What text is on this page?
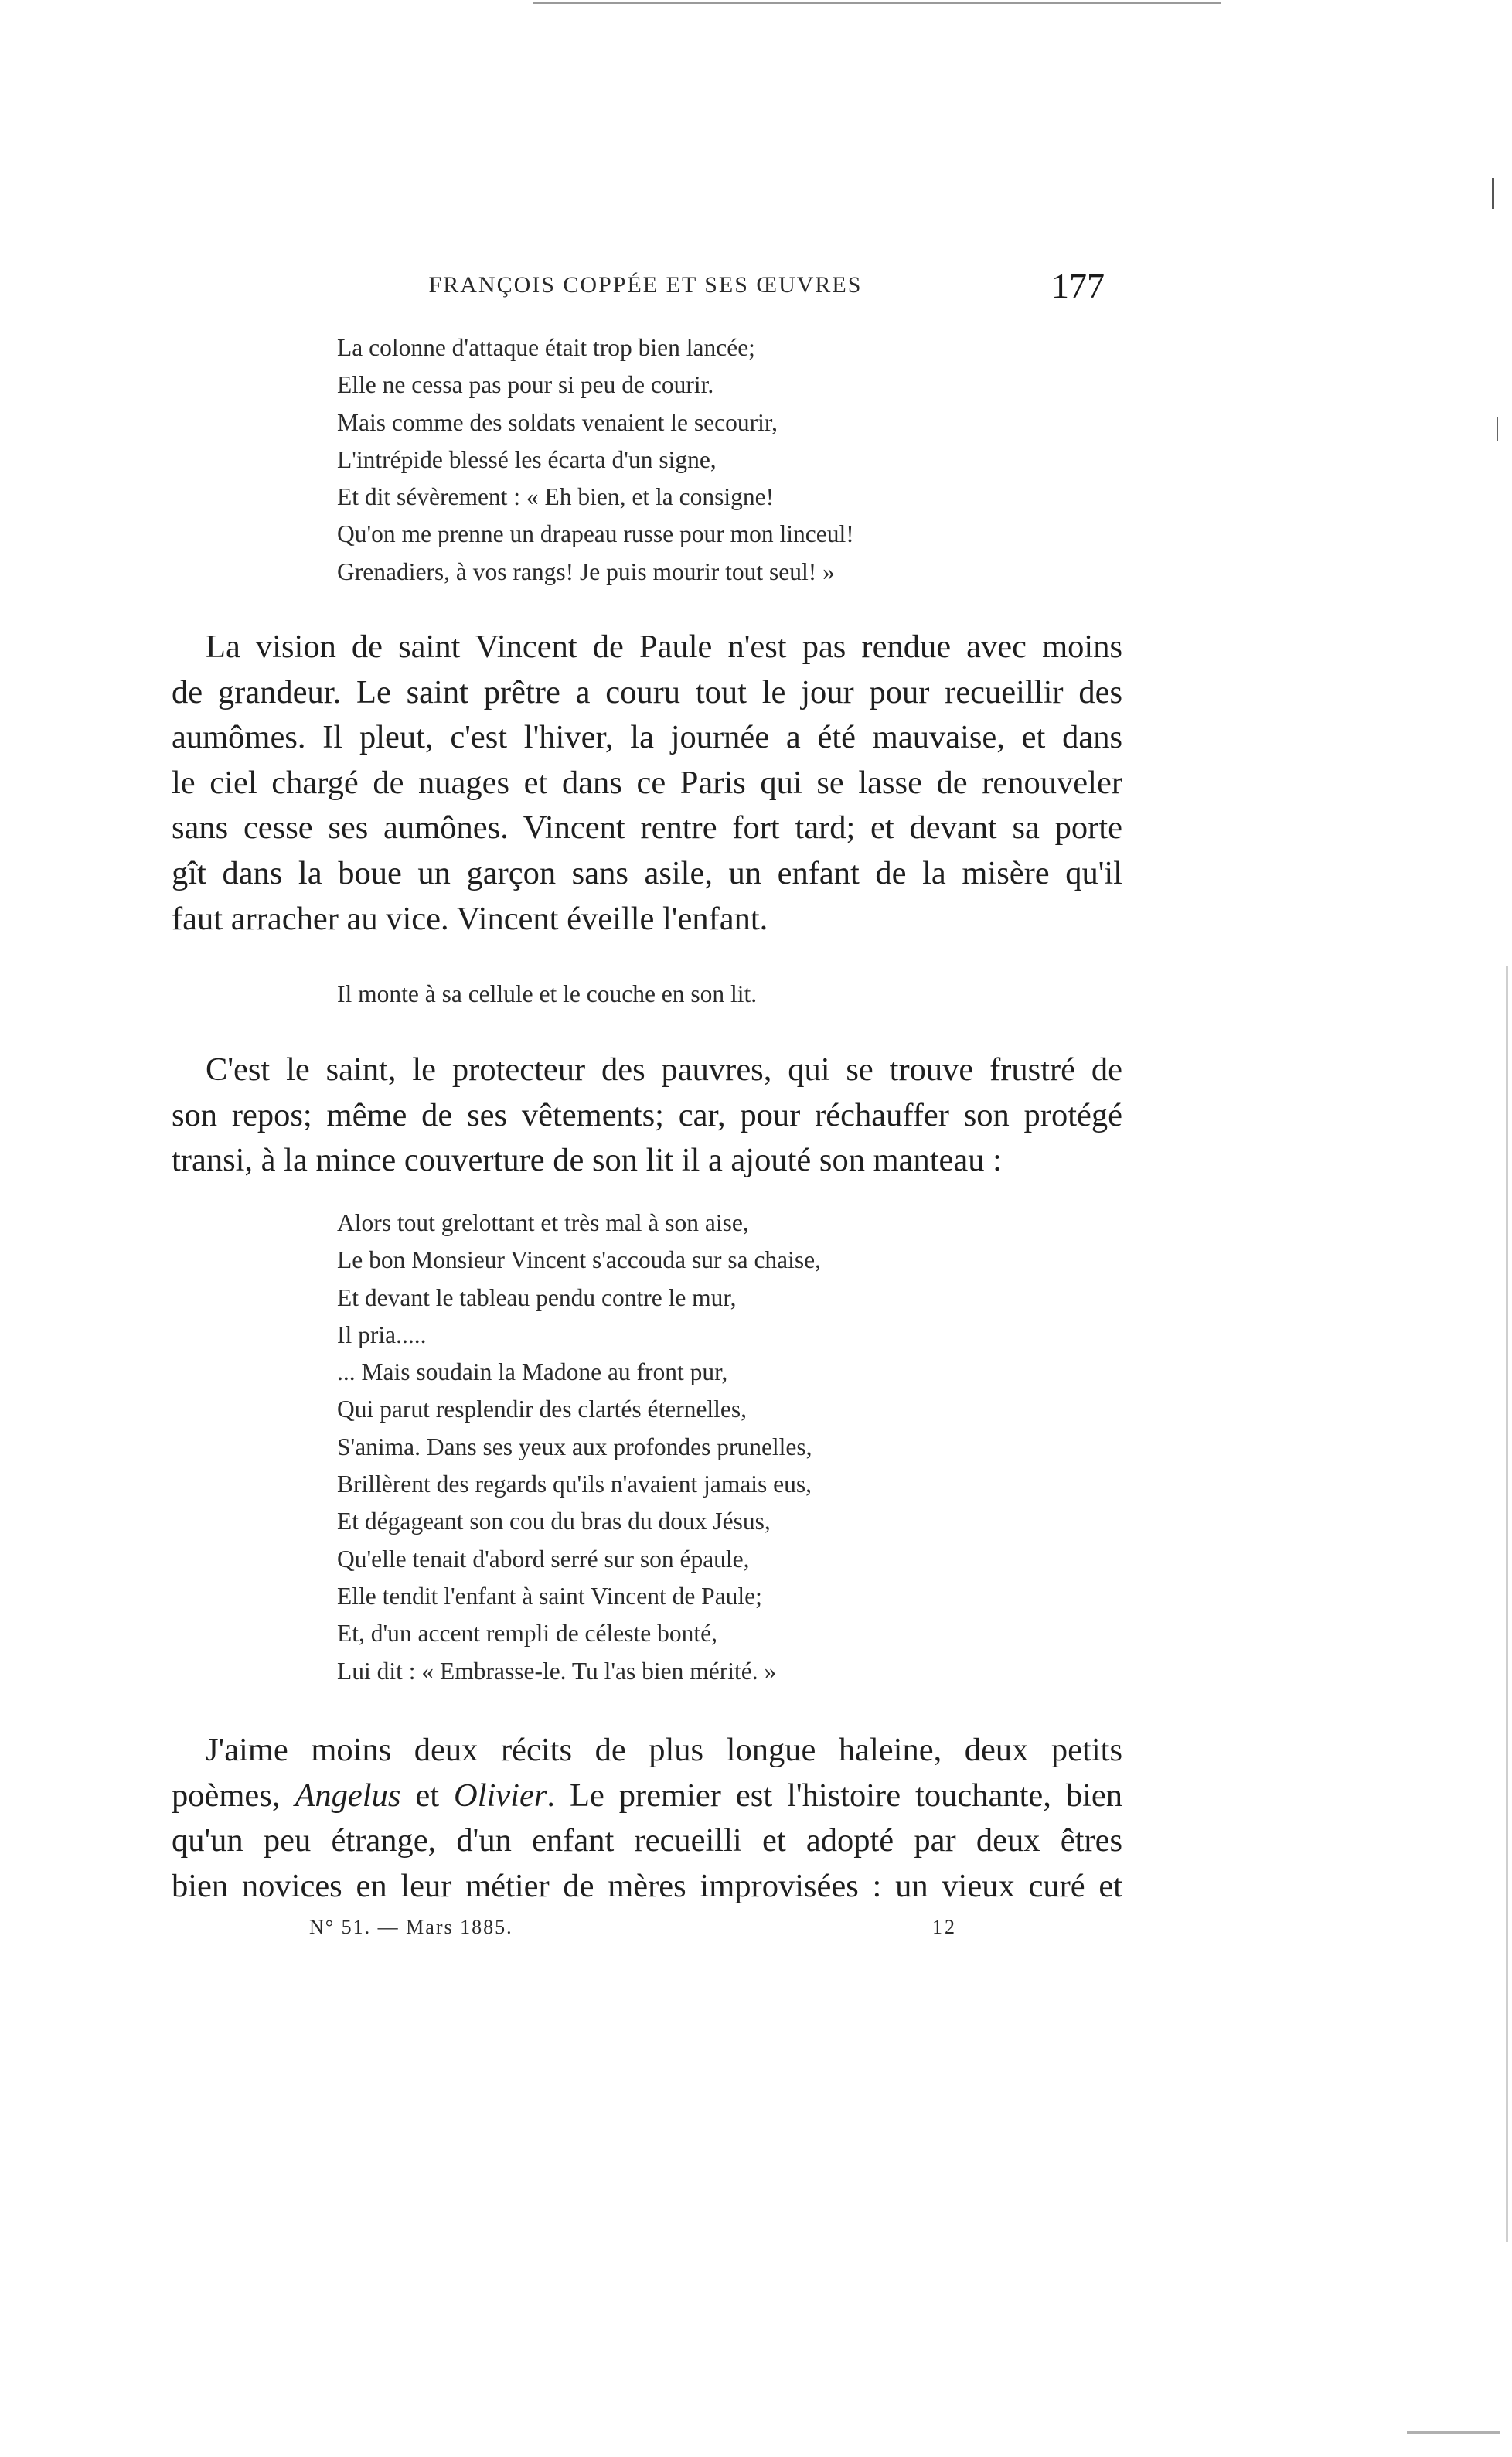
FRANÇOIS COPPÉE ET SES ŒUVRES	177
La colonne d'attaque était trop bien lancée;
Elle ne cessa pas pour si peu de courir.
Mais comme des soldats venaient le secourir,
L'intrépide blessé les écarta d'un signe,
Et dit sévèrement : « Eh bien, et la consigne!
Qu'on me prenne un drapeau russe pour mon linceul!
Grenadiers, à vos rangs! Je puis mourir tout seul! »
La vision de saint Vincent de Paule n'est pas rendue avec moins
de grandeur. Le saint prêtre a couru tout le jour pour recueillir des
aumômes. Il pleut, c'est l'hiver, la journée a été mauvaise, et dans
le ciel chargé de nuages et dans ce Paris qui se lasse de renouveler
sans cesse ses aumônes. Vincent rentre fort tard; et devant sa porte
gît dans la boue un garçon sans asile, un enfant de la misère qu'il
faut arracher au vice. Vincent éveille l'enfant.
Il monte à sa cellule et le couche en son lit.
C'est le saint, le protecteur des pauvres, qui se trouve frustré de
son repos; même de ses vêtements; car, pour réchauffer son protégé
transi, à la mince couverture de son lit il a ajouté son manteau :
Alors tout grelottant et très mal à son aise,
Le bon Monsieur Vincent s'accouda sur sa chaise,
Et devant le tableau pendu contre le mur,
Il pria.....
... Mais soudain la Madone au front pur,
Qui parut resplendir des clartés éternelles,
S'anima. Dans ses yeux aux profondes prunelles,
Brillèrent des regards qu'ils n'avaient jamais eus,
Et dégageant son cou du bras du doux Jésus,
Qu'elle tenait d'abord serré sur son épaule,
Elle tendit l'enfant à saint Vincent de Paule;
Et, d'un accent rempli de céleste bonté,
Lui dit : « Embrasse-le. Tu l'as bien mérité. »
J'aime moins deux récits de plus longue haleine, deux petits
poèmes, Angelus et Olivier. Le premier est l'histoire touchante, bien
qu'un peu étrange, d'un enfant recueilli et adopté par deux êtres
bien novices en leur métier de mères improvisées : un vieux curé et
N° 51. — Mars 1885.	12
